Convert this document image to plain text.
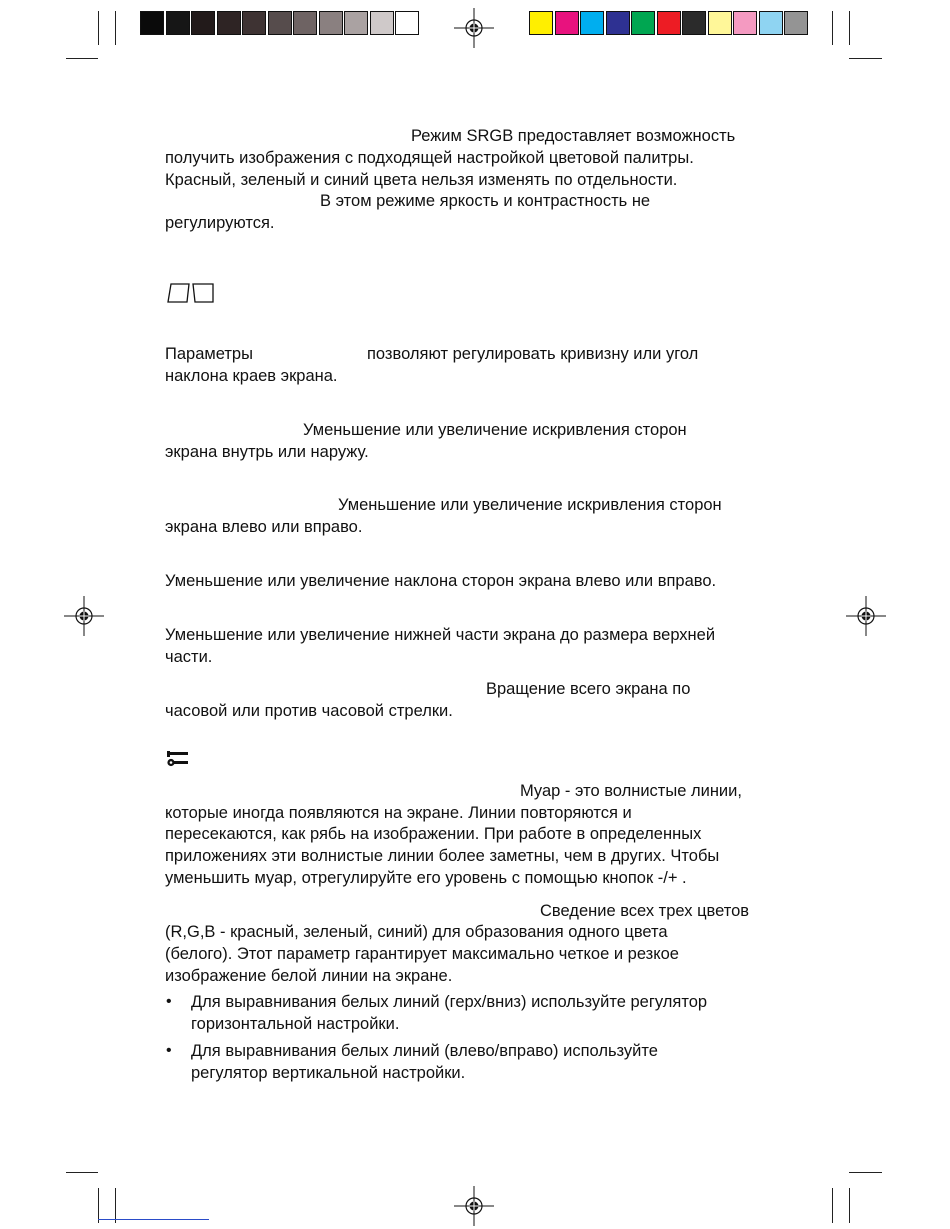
Режим SRGB предоставляет возможность
получить изображения с подходящей настройкой цветовой палитры.
Красный, зеленый и синий цвета нельзя изменять по отдельности.
В этом режиме яркость и контрастность не
регулируются.
Параметры	позволяют регулировать кривизну или угол
наклона краев экрана.
Уменьшение или увеличение искривления сторон
экрана внутрь или наружу.
Уменьшение или увеличение искривления сторон
экрана влево или вправо.
Уменьшение или увеличение наклона сторон экрана влево или вправо.
Уменьшение или увеличение нижней части экрана до размера верхней
части.
Вращение всего экрана по
часовой или против часовой стрелки.
Муар - это волнистые линии,
которые иногда появляются на экране. Линии повторяются и
пересекаются, как рябь на изображении. При работе в определенных
приложениях эти волнистые линии более заметны, чем в других. Чтобы
уменьшить муар, отрегулируйте его уровень с помощью кнопок -/+ .
Сведение всех трех цветов
(R,G,B - красный, зеленый, синий) для образования одного цвета
(белого). Этот параметр гарантирует максимально четкое и резкое
изображение белой линии на экране.
• Для выравнивания белых линий (герх/вниз) используйте регулятор
горизонтальной настройки.
• Для выравнивания белых линий (влево/вправо) используйте
регулятор вертикальной настройки.
